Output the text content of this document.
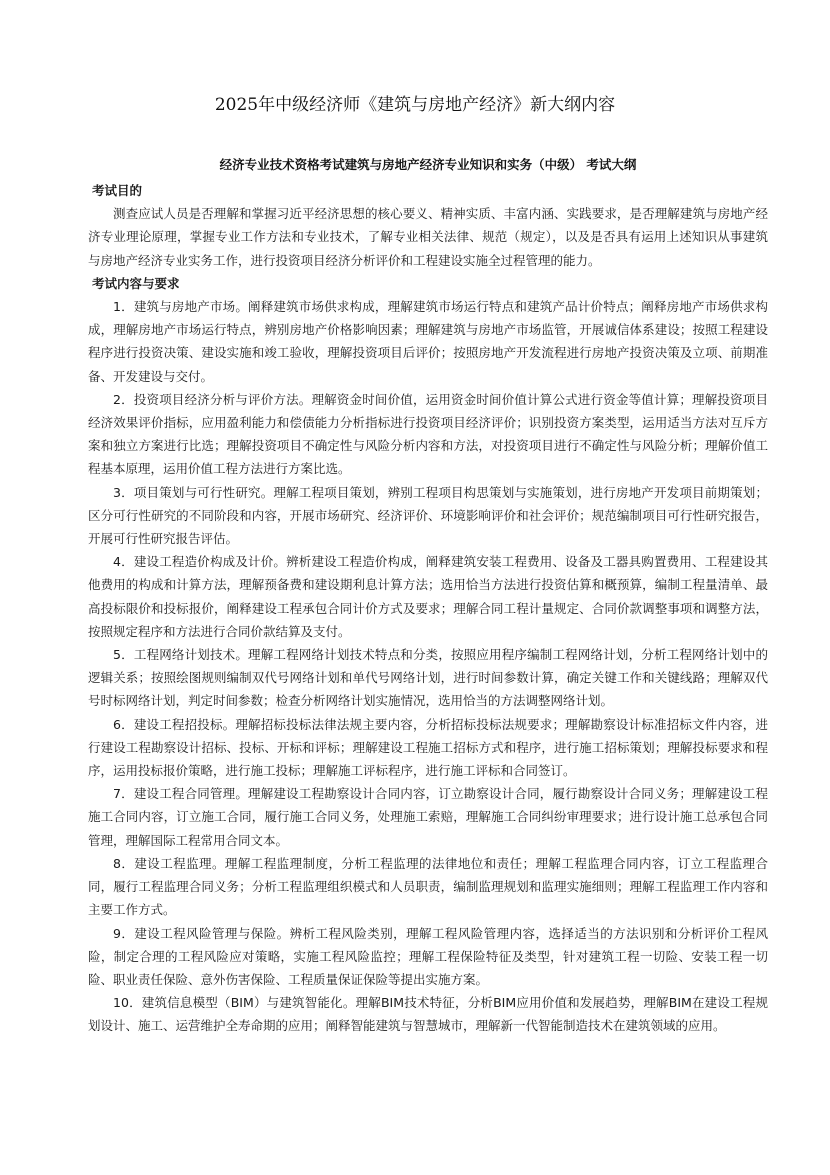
2025年中级经济师《建筑与房地产经济》新大纲内容
经济专业技术资格考试建筑与房地产经济专业知识和实务（中级） 考试大纲

考试目的

测查应试人员是否理解和掌握习近平经济思想的核心要义、精神实质、丰富内涵、实践要求，是否理解建筑与房地产经济专业理论原理，掌握专业工作方法和专业技术，了解专业相关法律、规范（规定），以及是否具有运用上述知识从事建筑与房地产经济专业实务工作，进行投资项目经济分析评价和工程建设实施全过程管理的能力。

考试内容与要求

1．建筑与房地产市场。阐释建筑市场供求构成，理解建筑市场运行特点和建筑产品计价特点；阐释房地产市场供求构成，理解房地产市场运行特点，辨别房地产价格影响因素；理解建筑与房地产市场监管，开展诚信体系建设；按照工程建设程序进行投资决策、建设实施和竣工验收，理解投资项目后评价；按照房地产开发流程进行房地产投资决策及立项、前期准备、开发建设与交付。

2．投资项目经济分析与评价方法。理解资金时间价值，运用资金时间价值计算公式进行资金等值计算；理解投资项目经济效果评价指标，应用盈利能力和偿债能力分析指标进行投资项目经济评价；识别投资方案类型，运用适当方法对互斥方案和独立方案进行比选；理解投资项目不确定性与风险分析内容和方法，对投资项目进行不确定性与风险分析；理解价值工程基本原理，运用价值工程方法进行方案比选。

3．项目策划与可行性研究。理解工程项目策划，辨别工程项目构思策划与实施策划，进行房地产开发项目前期策划；区分可行性研究的不同阶段和内容，开展市场研究、经济评价、环境影响评价和社会评价；规范编制项目可行性研究报告，开展可行性研究报告评估。

4．建设工程造价构成及计价。辨析建设工程造价构成，阐释建筑安装工程费用、设备及工器具购置费用、工程建设其他费用的构成和计算方法，理解预备费和建设期利息计算方法；选用恰当方法进行投资估算和概预算，编制工程量清单、最高投标限价和投标报价，阐释建设工程承包合同计价方式及要求；理解合同工程计量规定、合同价款调整事项和调整方法，按照规定程序和方法进行合同价款结算及支付。

5．工程网络计划技术。理解工程网络计划技术特点和分类，按照应用程序编制工程网络计划，分析工程网络计划中的逻辑关系；按照绘图规则编制双代号网络计划和单代号网络计划，进行时间参数计算，确定关键工作和关键线路；理解双代号时标网络计划，判定时间参数；检查分析网络计划实施情况，选用恰当的方法调整网络计划。

6．建设工程招投标。理解招标投标法律法规主要内容，分析招标投标法规要求；理解勘察设计标准招标文件内容，进行建设工程勘察设计招标、投标、开标和评标；理解建设工程施工招标方式和程序，进行施工招标策划；理解投标要求和程序，运用投标报价策略，进行施工投标；理解施工评标程序，进行施工评标和合同签订。

7．建设工程合同管理。理解建设工程勘察设计合同内容，订立勘察设计合同，履行勘察设计合同义务；理解建设工程施工合同内容，订立施工合同，履行施工合同义务，处理施工索赔，理解施工合同纠纷审理要求；进行设计施工总承包合同管理，理解国际工程常用合同文本。

8．建设工程监理。理解工程监理制度，分析工程监理的法律地位和责任；理解工程监理合同内容，订立工程监理合同，履行工程监理合同义务；分析工程监理组织模式和人员职责，编制监理规划和监理实施细则；理解工程监理工作内容和主要工作方式。

9．建设工程风险管理与保险。辨析工程风险类别，理解工程风险管理内容，选择适当的方法识别和分析评价工程风险，制定合理的工程风险应对策略，实施工程风险监控；理解工程保险特征及类型，针对建筑工程一切险、安装工程一切险、职业责任保险、意外伤害保险、工程质量保证保险等提出实施方案。

10．建筑信息模型（BIM）与建筑智能化。理解BIM技术特征，分析BIM应用价值和发展趋势，理解BIM在建设工程规划设计、施工、运营维护全寿命期的应用；阐释智能建筑与智慧城市，理解新一代智能制造技术在建筑领域的应用。
